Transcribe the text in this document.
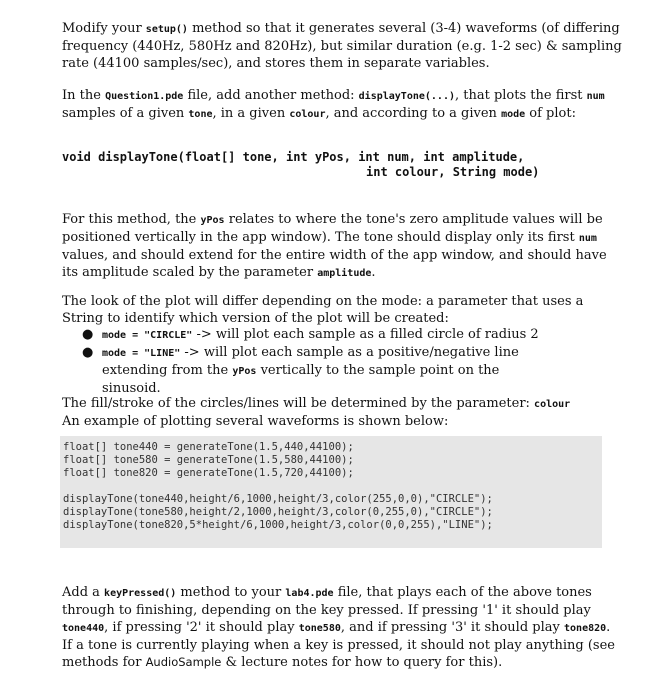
Modify your setup() method so that it generates several (3-4) waveforms (of differing frequency (440Hz, 580Hz and 820Hz), but similar duration (e.g. 1-2 sec) & sampling rate (44100 samples/sec), and stores them in separate variables.

In the Question1.pde file, add another method: displayTone(...), that plots the first num samples of a given tone, in a given colour, and according to a given mode of plot:

void displayTone(float[] tone, int yPos, int num, int amplitude,
int colour, String mode)

For this method, the yPos relates to where the tone's zero amplitude values will be positioned vertically in the app window). The tone should display only its first num values, and should extend for the entire width of the app window, and should have its amplitude scaled by the parameter amplitude.

The look of the plot will differ depending on the mode: a parameter that uses a String to identify which version of the plot will be created:

● mode = "CIRCLE" -> will plot each sample as a filled circle of radius 2
● mode = "LINE" -> will plot each sample as a positive/negative line extending from the yPos vertically to the sample point on the sinusoid.

The fill/stroke of the circles/lines will be determined by the parameter: colour
An example of plotting several waveforms is shown below:

float[] tone440 = generateTone(1.5,440,44100);
float[] tone580 = generateTone(1.5,580,44100);
float[] tone820 = generateTone(1.5,720,44100);
displayTone(tone440,height/6,1000,height/3,color(255,0,0),"CIRCLE");
displayTone(tone580,height/2,1000,height/3,color(0,255,0),"CIRCLE");
displayTone(tone820,5*height/6,1000,height/3,color(0,0,255),"LINE");

Add a keyPressed() method to your lab4.pde file, that plays each of the above tones through to finishing, depending on the key pressed. If pressing '1' it should play tone440, if pressing '2' it should play tone580, and if pressing '3' it should play tone820. If a tone is currently playing when a key is pressed, it should not play anything (see methods for AudioSample & lecture notes for how to query for this).
